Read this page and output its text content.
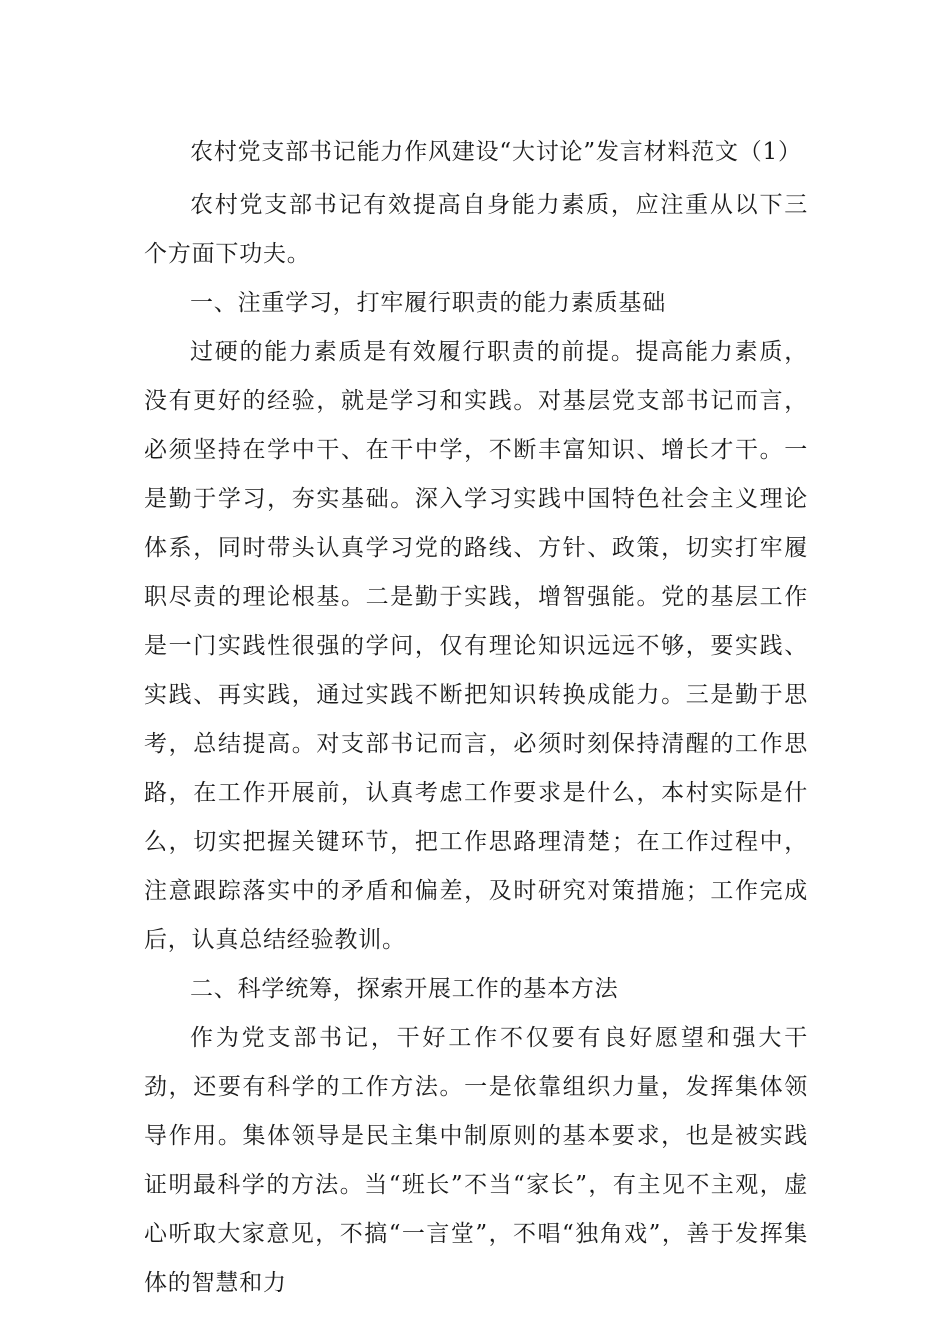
农村党支部书记能力作风建设“大讨论”发言材料范文（1）

农村党支部书记有效提高自身能力素质，应注重从以下三个方面下功夫。

一、注重学习，打牢履行职责的能力素质基础

过硬的能力素质是有效履行职责的前提。提高能力素质，没有更好的经验，就是学习和实践。对基层党支部书记而言，必须坚持在学中干、在干中学，不断丰富知识、增长才干。一是勤于学习，夯实基础。深入学习实践中国特色社会主义理论体系，同时带头认真学习党的路线、方针、政策，切实打牢履职尽责的理论根基。二是勤于实践，增智强能。党的基层工作是一门实践性很强的学问，仅有理论知识远远不够，要实践、实践、再实践，通过实践不断把知识转换成能力。三是勤于思考，总结提高。对支部书记而言，必须时刻保持清醒的工作思路，在工作开展前，认真考虑工作要求是什么，本村实际是什么，切实把握关键环节，把工作思路理清楚；在工作过程中，注意跟踪落实中的矛盾和偏差，及时研究对策措施；工作完成后，认真总结经验教训。

二、科学统筹，探索开展工作的基本方法

作为党支部书记，干好工作不仅要有良好愿望和强大干劲，还要有科学的工作方法。一是依靠组织力量，发挥集体领导作用。集体领导是民主集中制原则的基本要求，也是被实践证明最科学的方法。当“班长”不当“家长”，有主见不主观，虚心听取大家意见，不搞“一言堂”，不唱“独角戏”，善于发挥集体的智慧和力
